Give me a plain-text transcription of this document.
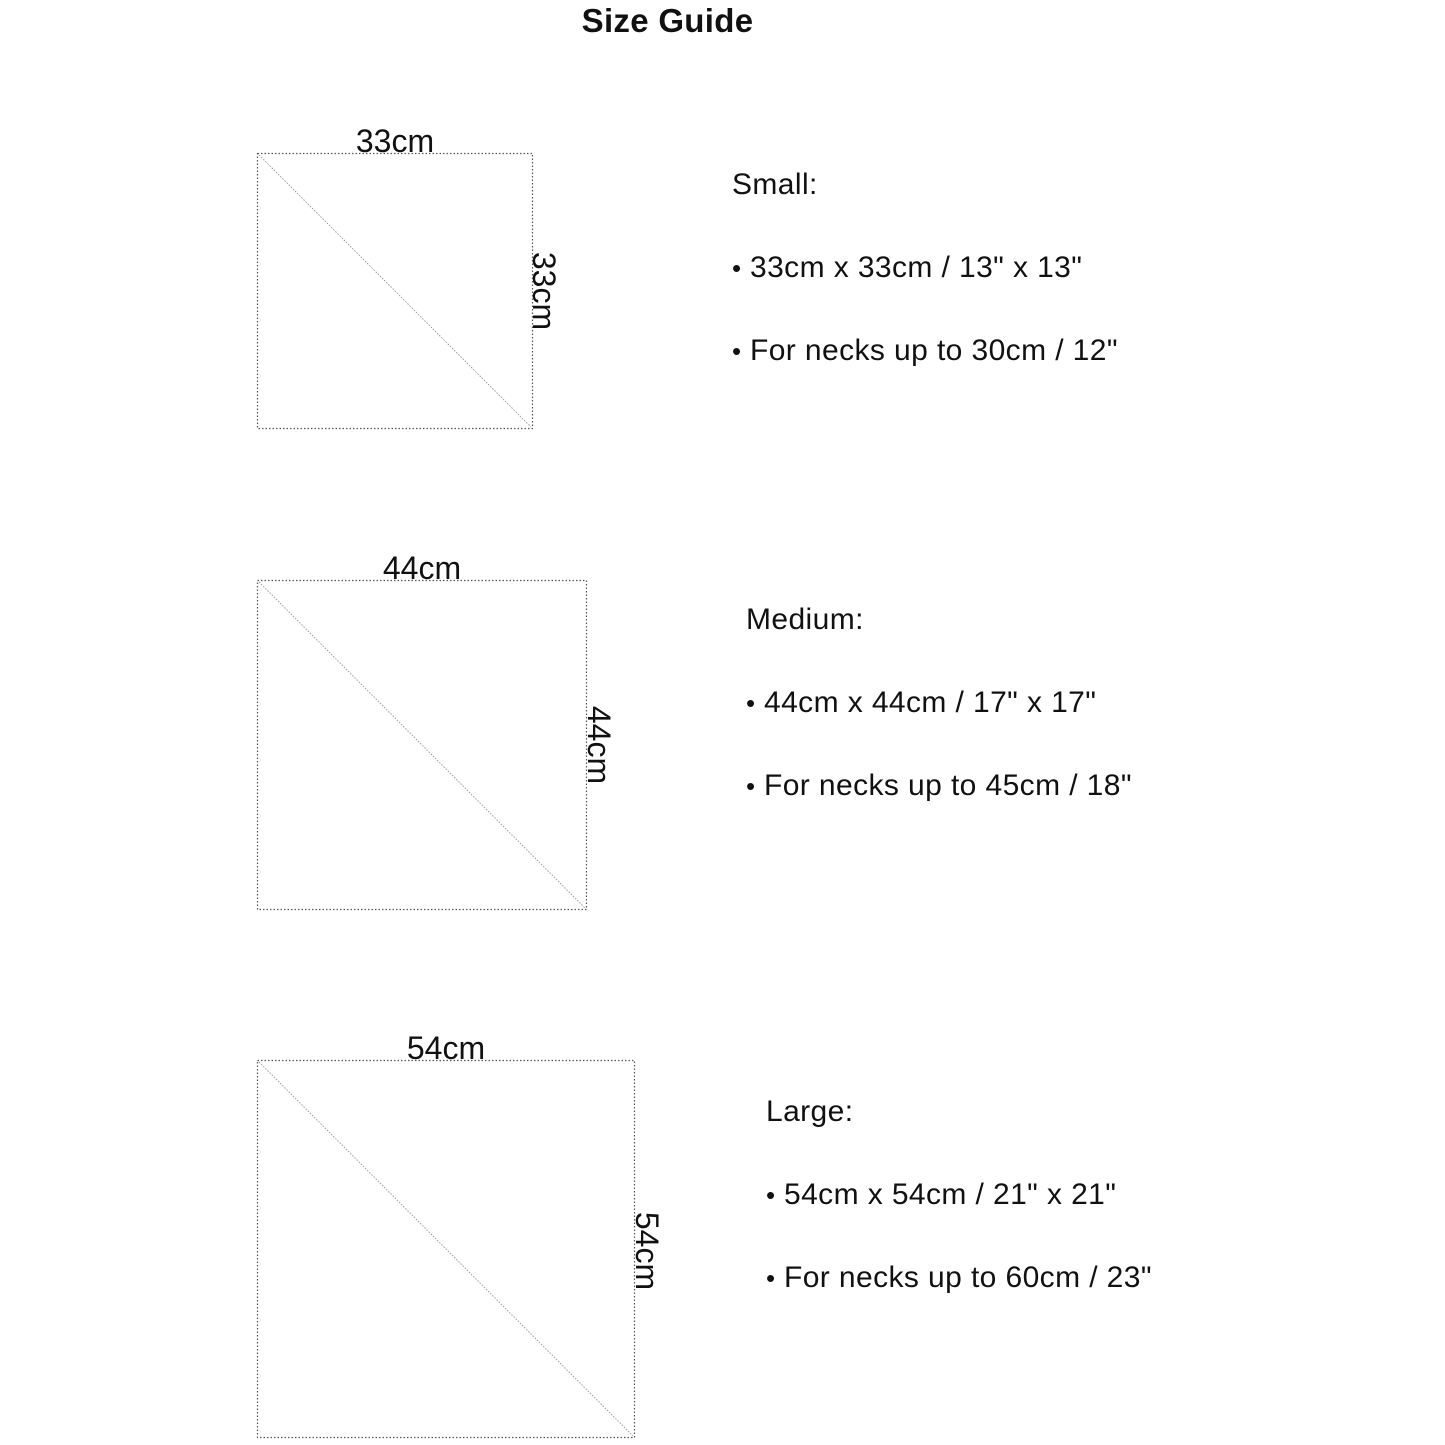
Size Guide
33cm
33cm
44cm
44cm
54cm
54cm

Small:

• 33cm x 33cm / 13" x 13"

• For necks up to 30cm / 12"

Medium:

• 44cm x 44cm / 17" x 17"

• For necks up to 45cm / 18"

Large:

• 54cm x 54cm / 21" x 21"

• For necks up to 60cm / 23"
